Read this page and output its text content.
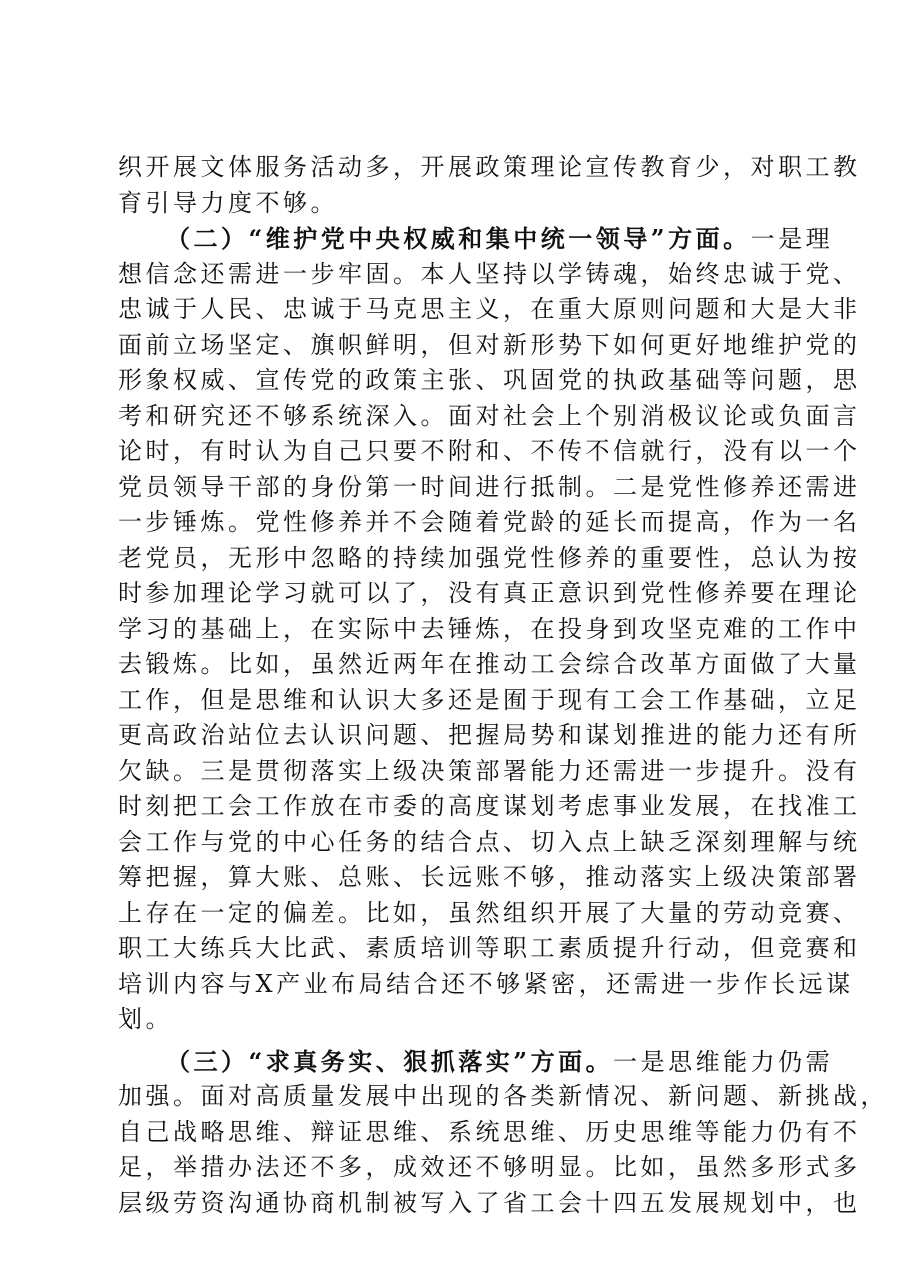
织开展文体服务活动多，开展政策理论宣传教育少，对职工教
育引导力度不够。
（二）“维护党中央权威和集中统一领导”方面。一是理
想信念还需进一步牢固。本人坚持以学铸魂，始终忠诚于党、
忠诚于人民、忠诚于马克思主义，在重大原则问题和大是大非
面前立场坚定、旗帜鲜明，但对新形势下如何更好地维护党的
形象权威、宣传党的政策主张、巩固党的执政基础等问题，思
考和研究还不够系统深入。面对社会上个别消极议论或负面言
论时，有时认为自己只要不附和、不传不信就行，没有以一个
党员领导干部的身份第一时间进行抵制。二是党性修养还需进
一步锤炼。党性修养并不会随着党龄的延长而提高，作为一名
老党员，无形中忽略的持续加强党性修养的重要性，总认为按
时参加理论学习就可以了，没有真正意识到党性修养要在理论
学习的基础上，在实际中去锤炼，在投身到攻坚克难的工作中
去锻炼。比如，虽然近两年在推动工会综合改革方面做了大量
工作，但是思维和认识大多还是囿于现有工会工作基础，立足
更高政治站位去认识问题、把握局势和谋划推进的能力还有所
欠缺。三是贯彻落实上级决策部署能力还需进一步提升。没有
时刻把工会工作放在市委的高度谋划考虑事业发展，在找准工
会工作与党的中心任务的结合点、切入点上缺乏深刻理解与统
筹把握，算大账、总账、长远账不够，推动落实上级决策部署
上存在一定的偏差。比如，虽然组织开展了大量的劳动竞赛、
职工大练兵大比武、素质培训等职工素质提升行动，但竞赛和
培训内容与X产业布局结合还不够紧密，还需进一步作长远谋
划。
（三）“求真务实、狠抓落实”方面。一是思维能力仍需
加强。面对高质量发展中出现的各类新情况、新问题、新挑战，
自己战略思维、辩证思维、系统思维、历史思维等能力仍有不
足，举措办法还不多，成效还不够明显。比如，虽然多形式多
层级劳资沟通协商机制被写入了省工会十四五发展规划中，也
